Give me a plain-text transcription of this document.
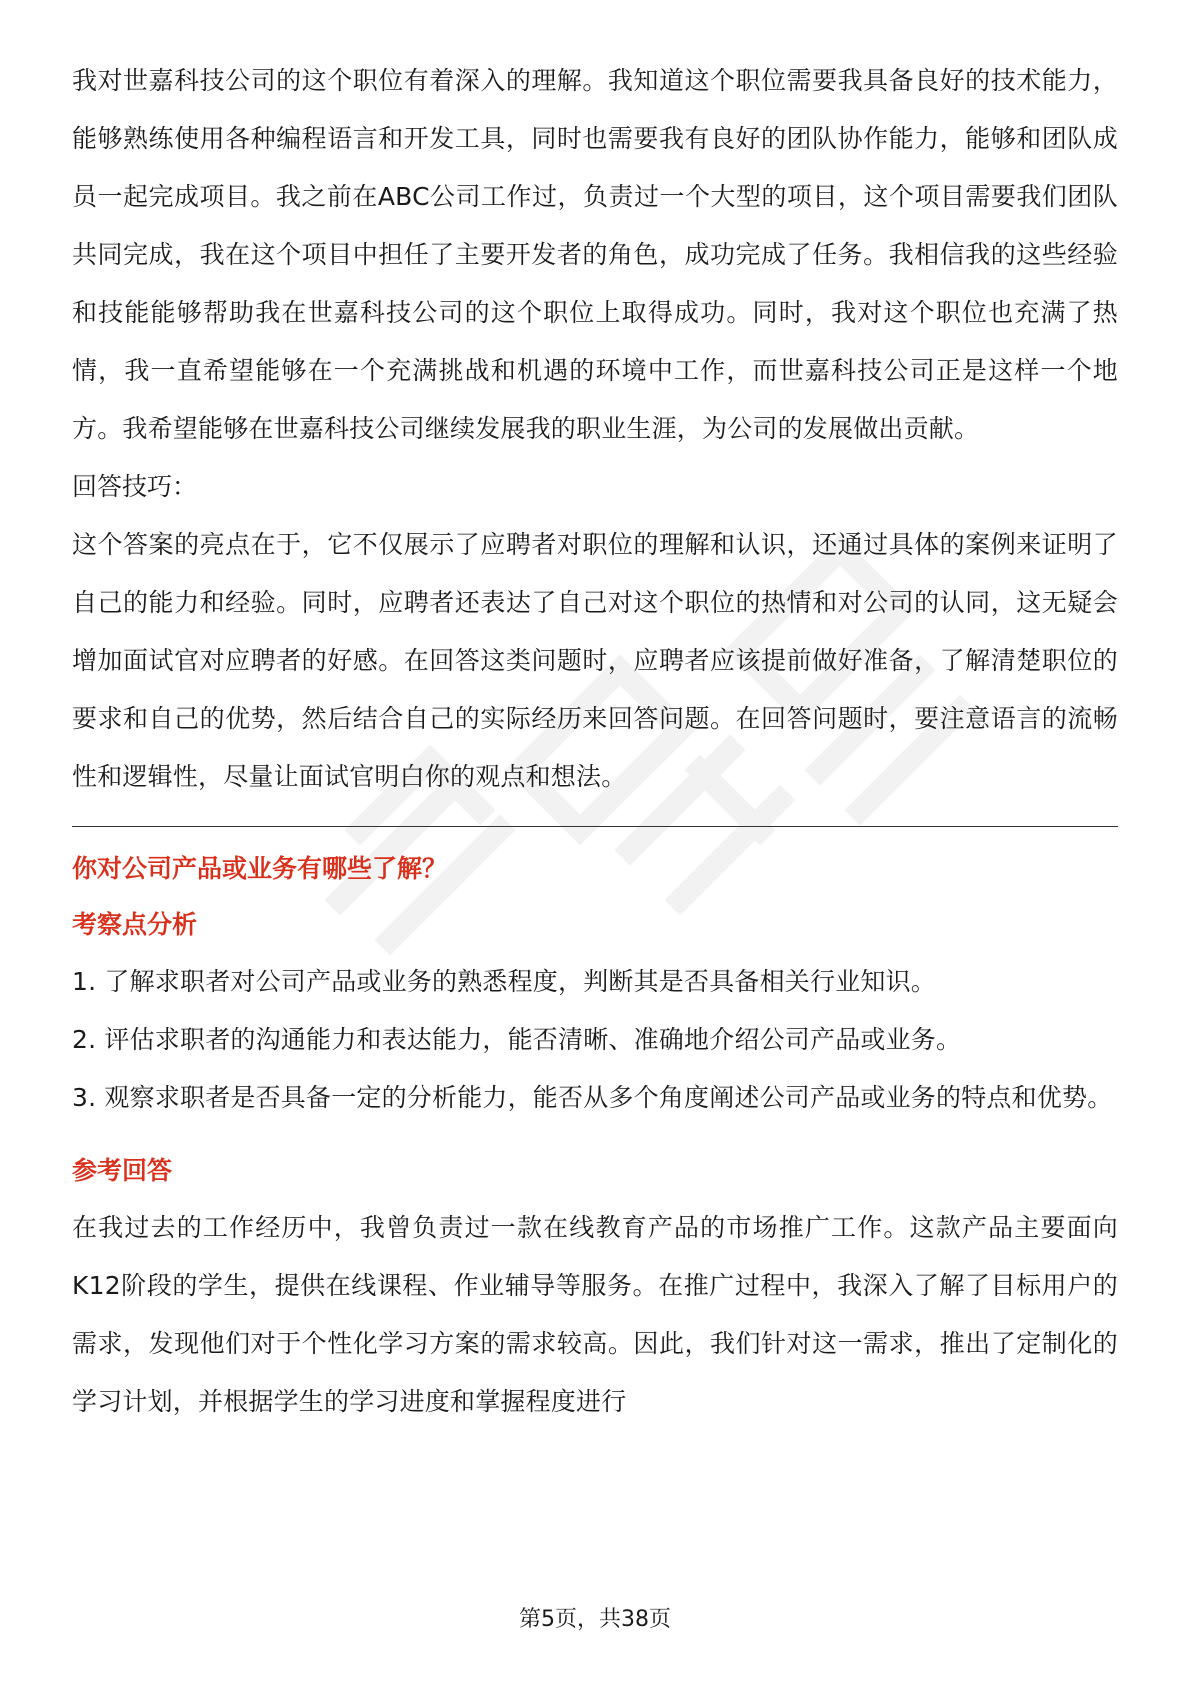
我对世嘉科技公司的这个职位有着深入的理解。我知道这个职位需要我具备良好的技术能力，能够熟练使用各种编程语言和开发工具，同时也需要我有良好的团队协作能力，能够和团队成员一起完成项目。我之前在ABC公司工作过，负责过一个大型的项目，这个项目需要我们团队共同完成，我在这个项目中担任了主要开发者的角色，成功完成了任务。我相信我的这些经验和技能能够帮助我在世嘉科技公司的这个职位上取得成功。同时，我对这个职位也充满了热情，我一直希望能够在一个充满挑战和机遇的环境中工作，而世嘉科技公司正是这样一个地方。我希望能够在世嘉科技公司继续发展我的职业生涯，为公司的发展做出贡献。

回答技巧：

这个答案的亮点在于，它不仅展示了应聘者对职位的理解和认识，还通过具体的案例来证明了自己的能力和经验。同时，应聘者还表达了自己对这个职位的热情和对公司的认同，这无疑会增加面试官对应聘者的好感。在回答这类问题时，应聘者应该提前做好准备，了解清楚职位的要求和自己的优势，然后结合自己的实际经历来回答问题。在回答问题时，要注意语言的流畅性和逻辑性，尽量让面试官明白你的观点和想法。

你对公司产品或业务有哪些了解？

考察点分析

1. 了解求职者对公司产品或业务的熟悉程度，判断其是否具备相关行业知识。
2. 评估求职者的沟通能力和表达能力，能否清晰、准确地介绍公司产品或业务。
3. 观察求职者是否具备一定的分析能力，能否从多个角度阐述公司产品或业务的特点和优势。

参考回答

在我过去的工作经历中，我曾负责过一款在线教育产品的市场推广工作。这款产品主要面向K12阶段的学生，提供在线课程、作业辅导等服务。在推广过程中，我深入了解了目标用户的需求，发现他们对于个性化学习方案的需求较高。因此，我们针对这一需求，推出了定制化的学习计划，并根据学生的学习进度和掌握程度进行

第5页，共38页
